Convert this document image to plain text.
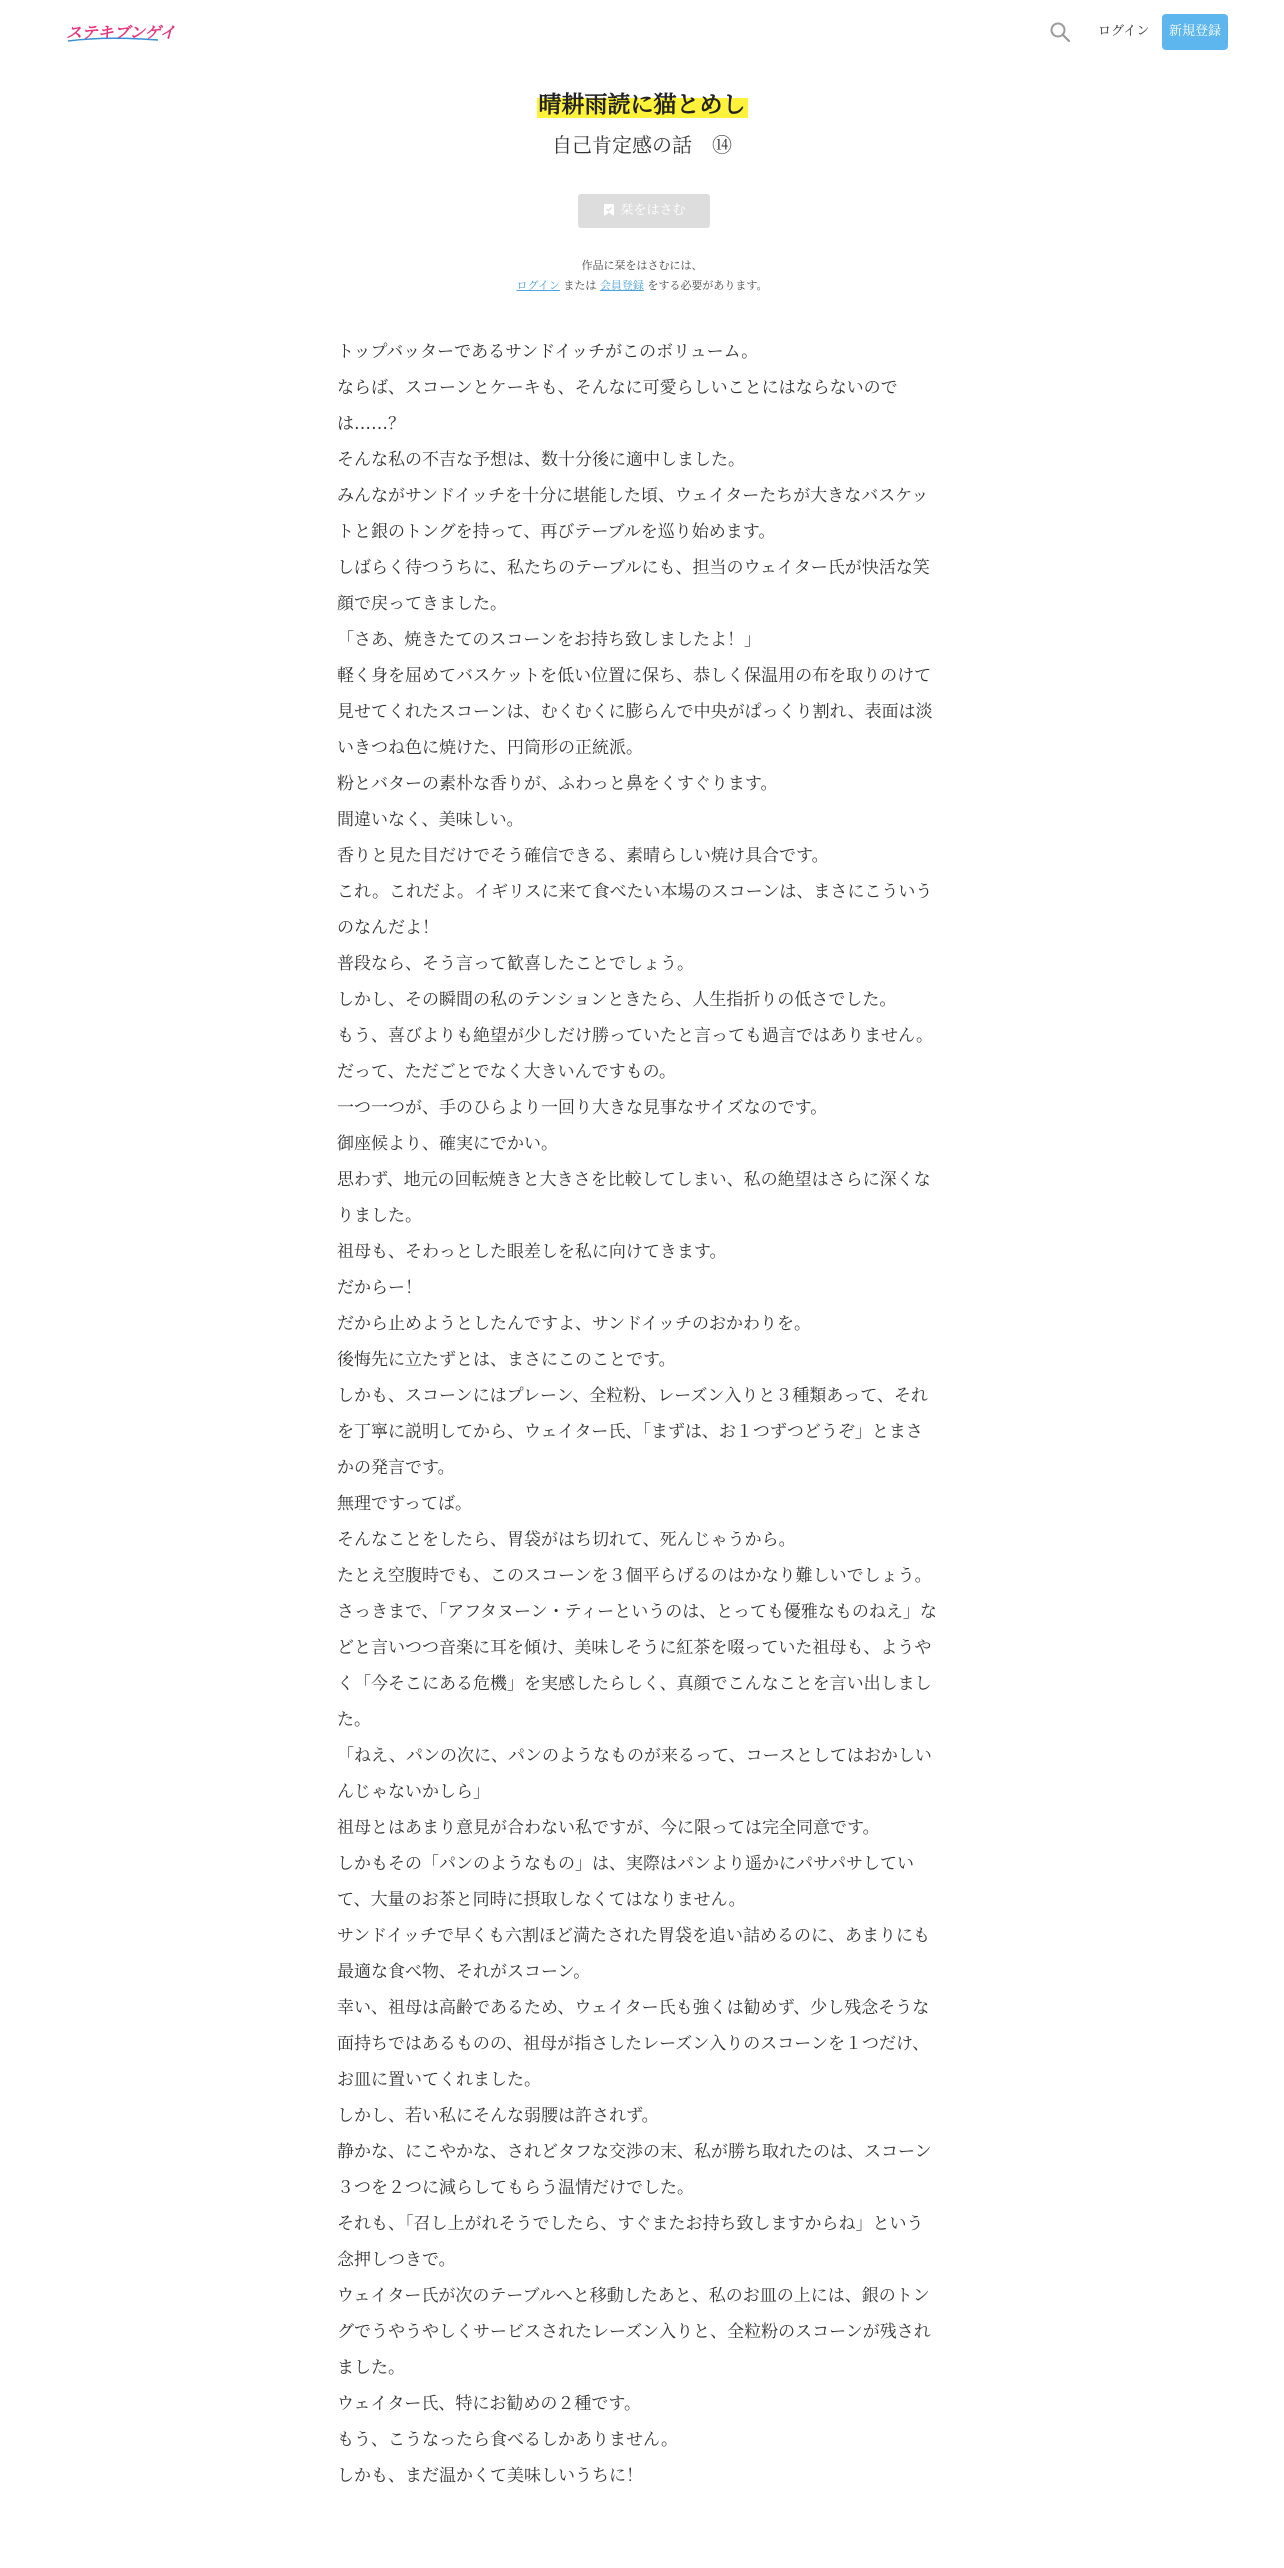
ステキブンゲイ	ログイン	新規登録
晴耕雨読に猫とめし
自己肯定感の話　⑭
栞をはさむ
作品に栞をはさむには、
ログイン または 会員登録 をする必要があります。

トップバッターであるサンドイッチがこのボリューム。

ならば、スコーンとケーキも、そんなに可愛らしいことにはならないのでは……？

そんな私の不吉な予想は、数十分後に適中しました。

みんながサンドイッチを十分に堪能した頃、ウェイターたちが大きなバスケットと銀のトングを持って、再びテーブルを巡り始めます。

しばらく待つうちに、私たちのテーブルにも、担当のウェイター氏が快活な笑顔で戻ってきました。

「さあ、焼きたてのスコーンをお持ち致しましたよ！」

軽く身を屈めてバスケットを低い位置に保ち、恭しく保温用の布を取りのけて見せてくれたスコーンは、むくむくに膨らんで中央がぱっくり割れ、表面は淡いきつね色に焼けた、円筒形の正統派。

粉とバターの素朴な香りが、ふわっと鼻をくすぐります。

間違いなく、美味しい。

香りと見た目だけでそう確信できる、素晴らしい焼け具合です。

これ。これだよ。イギリスに来て食べたい本場のスコーンは、まさにこういうのなんだよ！

普段なら、そう言って歓喜したことでしょう。

しかし、その瞬間の私のテンションときたら、人生指折りの低さでした。

もう、喜びよりも絶望が少しだけ勝っていたと言っても過言ではありません。

だって、ただごとでなく大きいんですもの。

一つ一つが、手のひらより一回り大きな見事なサイズなのです。

御座候より、確実にでかい。

思わず、地元の回転焼きと大きさを比較してしまい、私の絶望はさらに深くなりました。

祖母も、そわっとした眼差しを私に向けてきます。

だからー！

だから止めようとしたんですよ、サンドイッチのおかわりを。

後悔先に立たずとは、まさにこのことです。

しかも、スコーンにはプレーン、全粒粉、レーズン入りと３種類あって、それを丁寧に説明してから、ウェイター氏、「まずは、お１つずつどうぞ」とまさかの発言です。

無理ですってば。

そんなことをしたら、胃袋がはち切れて、死んじゃうから。

たとえ空腹時でも、このスコーンを３個平らげるのはかなり難しいでしょう。

さっきまで、「アフタヌーン・ティーというのは、とっても優雅なものねえ」などと言いつつ音楽に耳を傾け、美味しそうに紅茶を啜っていた祖母も、ようやく「今そこにある危機」を実感したらしく、真顔でこんなことを言い出しました。

「ねえ、パンの次に、パンのようなものが来るって、コースとしてはおかしいんじゃないかしら」

祖母とはあまり意見が合わない私ですが、今に限っては完全同意です。

しかもその「パンのようなもの」は、実際はパンより遥かにパサパサしていて、大量のお茶と同時に摂取しなくてはなりません。

サンドイッチで早くも六割ほど満たされた胃袋を追い詰めるのに、あまりにも最適な食べ物、それがスコーン。

幸い、祖母は高齢であるため、ウェイター氏も強くは勧めず、少し残念そうな面持ちではあるものの、祖母が指さしたレーズン入りのスコーンを１つだけ、お皿に置いてくれました。

しかし、若い私にそんな弱腰は許されず。

静かな、にこやかな、されどタフな交渉の末、私が勝ち取れたのは、スコーン３つを２つに減らしてもらう温情だけでした。

それも、「召し上がれそうでしたら、すぐまたお持ち致しますからね」という念押しつきで。

ウェイター氏が次のテーブルへと移動したあと、私のお皿の上には、銀のトングでうやうやしくサービスされたレーズン入りと、全粒粉のスコーンが残されました。

ウェイター氏、特にお勧めの２種です。

もう、こうなったら食べるしかありません。

しかも、まだ温かくて美味しいうちに！
